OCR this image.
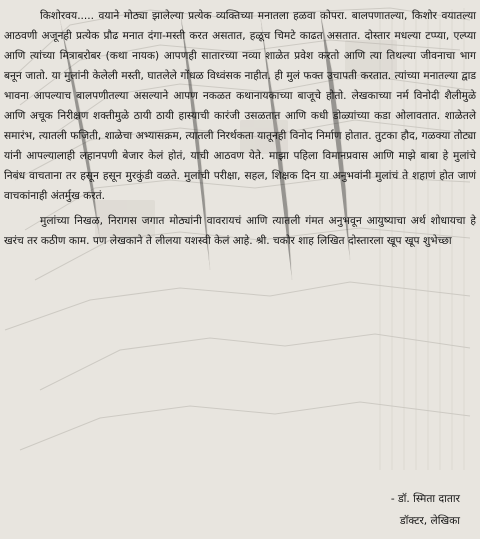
किशोरवय..... वयाने मोठ्या झालेल्या प्रत्येक व्यक्तिच्या मनातला हळवा कोपरा. बालपणातल्या, किशोर वयातल्या आठवणी अजूनही प्रत्येक प्रौढ मनात दंगा-मस्ती करत असतात, हळूच चिमटे काढत असतात. दोस्तार मधल्या टप्प्या, एल्प्या आणि त्यांच्या मित्राबरोबर (कथा नायक) आपणही सातारच्या नव्या शाळेत प्रवेश करतो आणि त्या तिथल्या जीवनाचा भाग बनून जातो. या मुलांनी केलेली मस्ती, घातलेले गोंधळ विध्वंसक नाहीत. ही मुलं फक्त उचापती करतात. त्यांच्या मनातल्या द्वाड भावना आपल्याच बालपणीतल्या असल्याने आपण नकळत कथानायकाच्या बाजूचे होतो. लेखकाच्या नर्म विनोदी शैलीमुळे आणि अचूक निरीक्षण शक्तीमुळे ठायी ठायी हास्याची कारंजी उसळतात आणि कधी डोळ्यांच्या कडा ओलावतात. शाळेतले समारंभ, त्यातली फजिती, शाळेचा अभ्यासक्रम, त्यातली निरर्थकता यातूनही विनोद निर्माण होतात. तुटका हौद, गळक्या तोट्या यांनी आपल्यालाही लहानपणी बेजार केलं होतं, याची आठवण येते. माझा पहिला विमानप्रवास आणि माझे बाबा हे मुलांचे निबंध वाचताना तर हसून हसून मुरकुंडी वळते. मुलांची परीक्षा, सहल, शिक्षक दिन या अनुभवांनी मुलांचं ते शहाणं होत जाणं वाचकांनाही अंतर्मुख करतं.

मुलांच्या निखळ, निरागस जगात मोठ्यांनी वावरायचं आणि त्यातली गंमत अनुभवून आयुष्याचा अर्थ शोधायचा हे खरंच तर कठीण काम. पण लेखकाने ते लीलया यशस्वी केलं आहे. श्री. चकोर शाह लिखित दोस्तारला खूप खूप शुभेच्छा

- डॉ. स्मिता दातार
डॉक्टर, लेखिका
